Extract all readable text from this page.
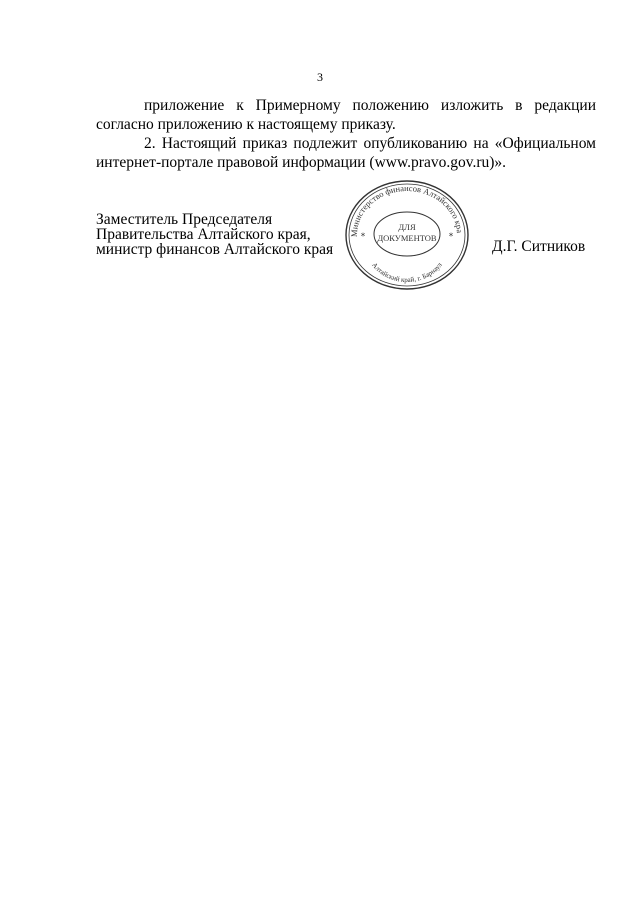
3

приложение к Примерному положению изложить в редакции согласно приложению к настоящему приказу.

2. Настоящий приказ подлежит опубликованию на «Официальном интернет-портале правовой информации (www.pravo.gov.ru)».

Заместитель Председателя
Правительства Алтайского края,
министр финансов Алтайского края
Министерство финансов Алтайского кра
Алтайский край, г. Барнаул
ДЛЯ
ДОКУМЕНТОВ
*	*
Д.Г. Ситников
